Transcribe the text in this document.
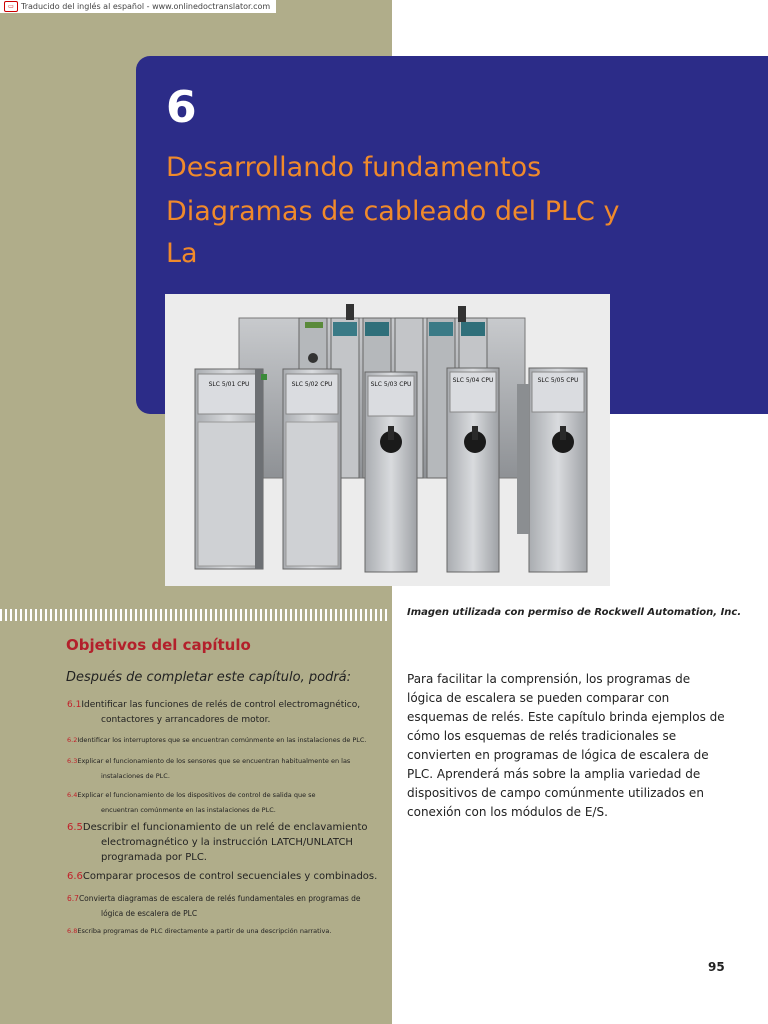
▭ Traducido del inglés al español - www.onlinedoctranslator.com
6
Desarrollando fundamentos
Diagramas de cableado del PLC y
La
SLC 5/01 CPU	SLC 5/02 CPU	SLC 5/03 CPU
SLC 5/04 CPU	SLC 5/05 CPU
Imagen utilizada con permiso de Rockwell Automation, Inc.
Objetivos del capítulo
Después de completar este capítulo, podrá:
6.1Identificar las funciones de relés de control electromagnético,
contactores y arrancadores de motor.
6.2Identificar los interruptores que se encuentran comúnmente en las instalaciones de PLC.
6.3Explicar el funcionamiento de los sensores que se encuentran habitualmente en las
instalaciones de PLC.
6.4Explicar el funcionamiento de los dispositivos de control de salida que se
encuentran comúnmente en las instalaciones de PLC.
6.5Describir el funcionamiento de un relé de enclavamiento
electromagnético y la instrucción LATCH/UNLATCH
programada por PLC.
6.6Comparar procesos de control secuenciales y combinados.
6.7Convierta diagramas de escalera de relés fundamentales en programas de
lógica de escalera de PLC
6.8Escriba programas de PLC directamente a partir de una descripción narrativa.
Para facilitar la comprensión, los programas de lógica de escalera se pueden comparar con esquemas de relés. Este capítulo brinda ejemplos de cómo los esquemas de relés tradicionales se convierten en programas de lógica de escalera de PLC. Aprenderá más sobre la amplia variedad de dispositivos de campo comúnmente utilizados en conexión con los módulos de E/S.
95
